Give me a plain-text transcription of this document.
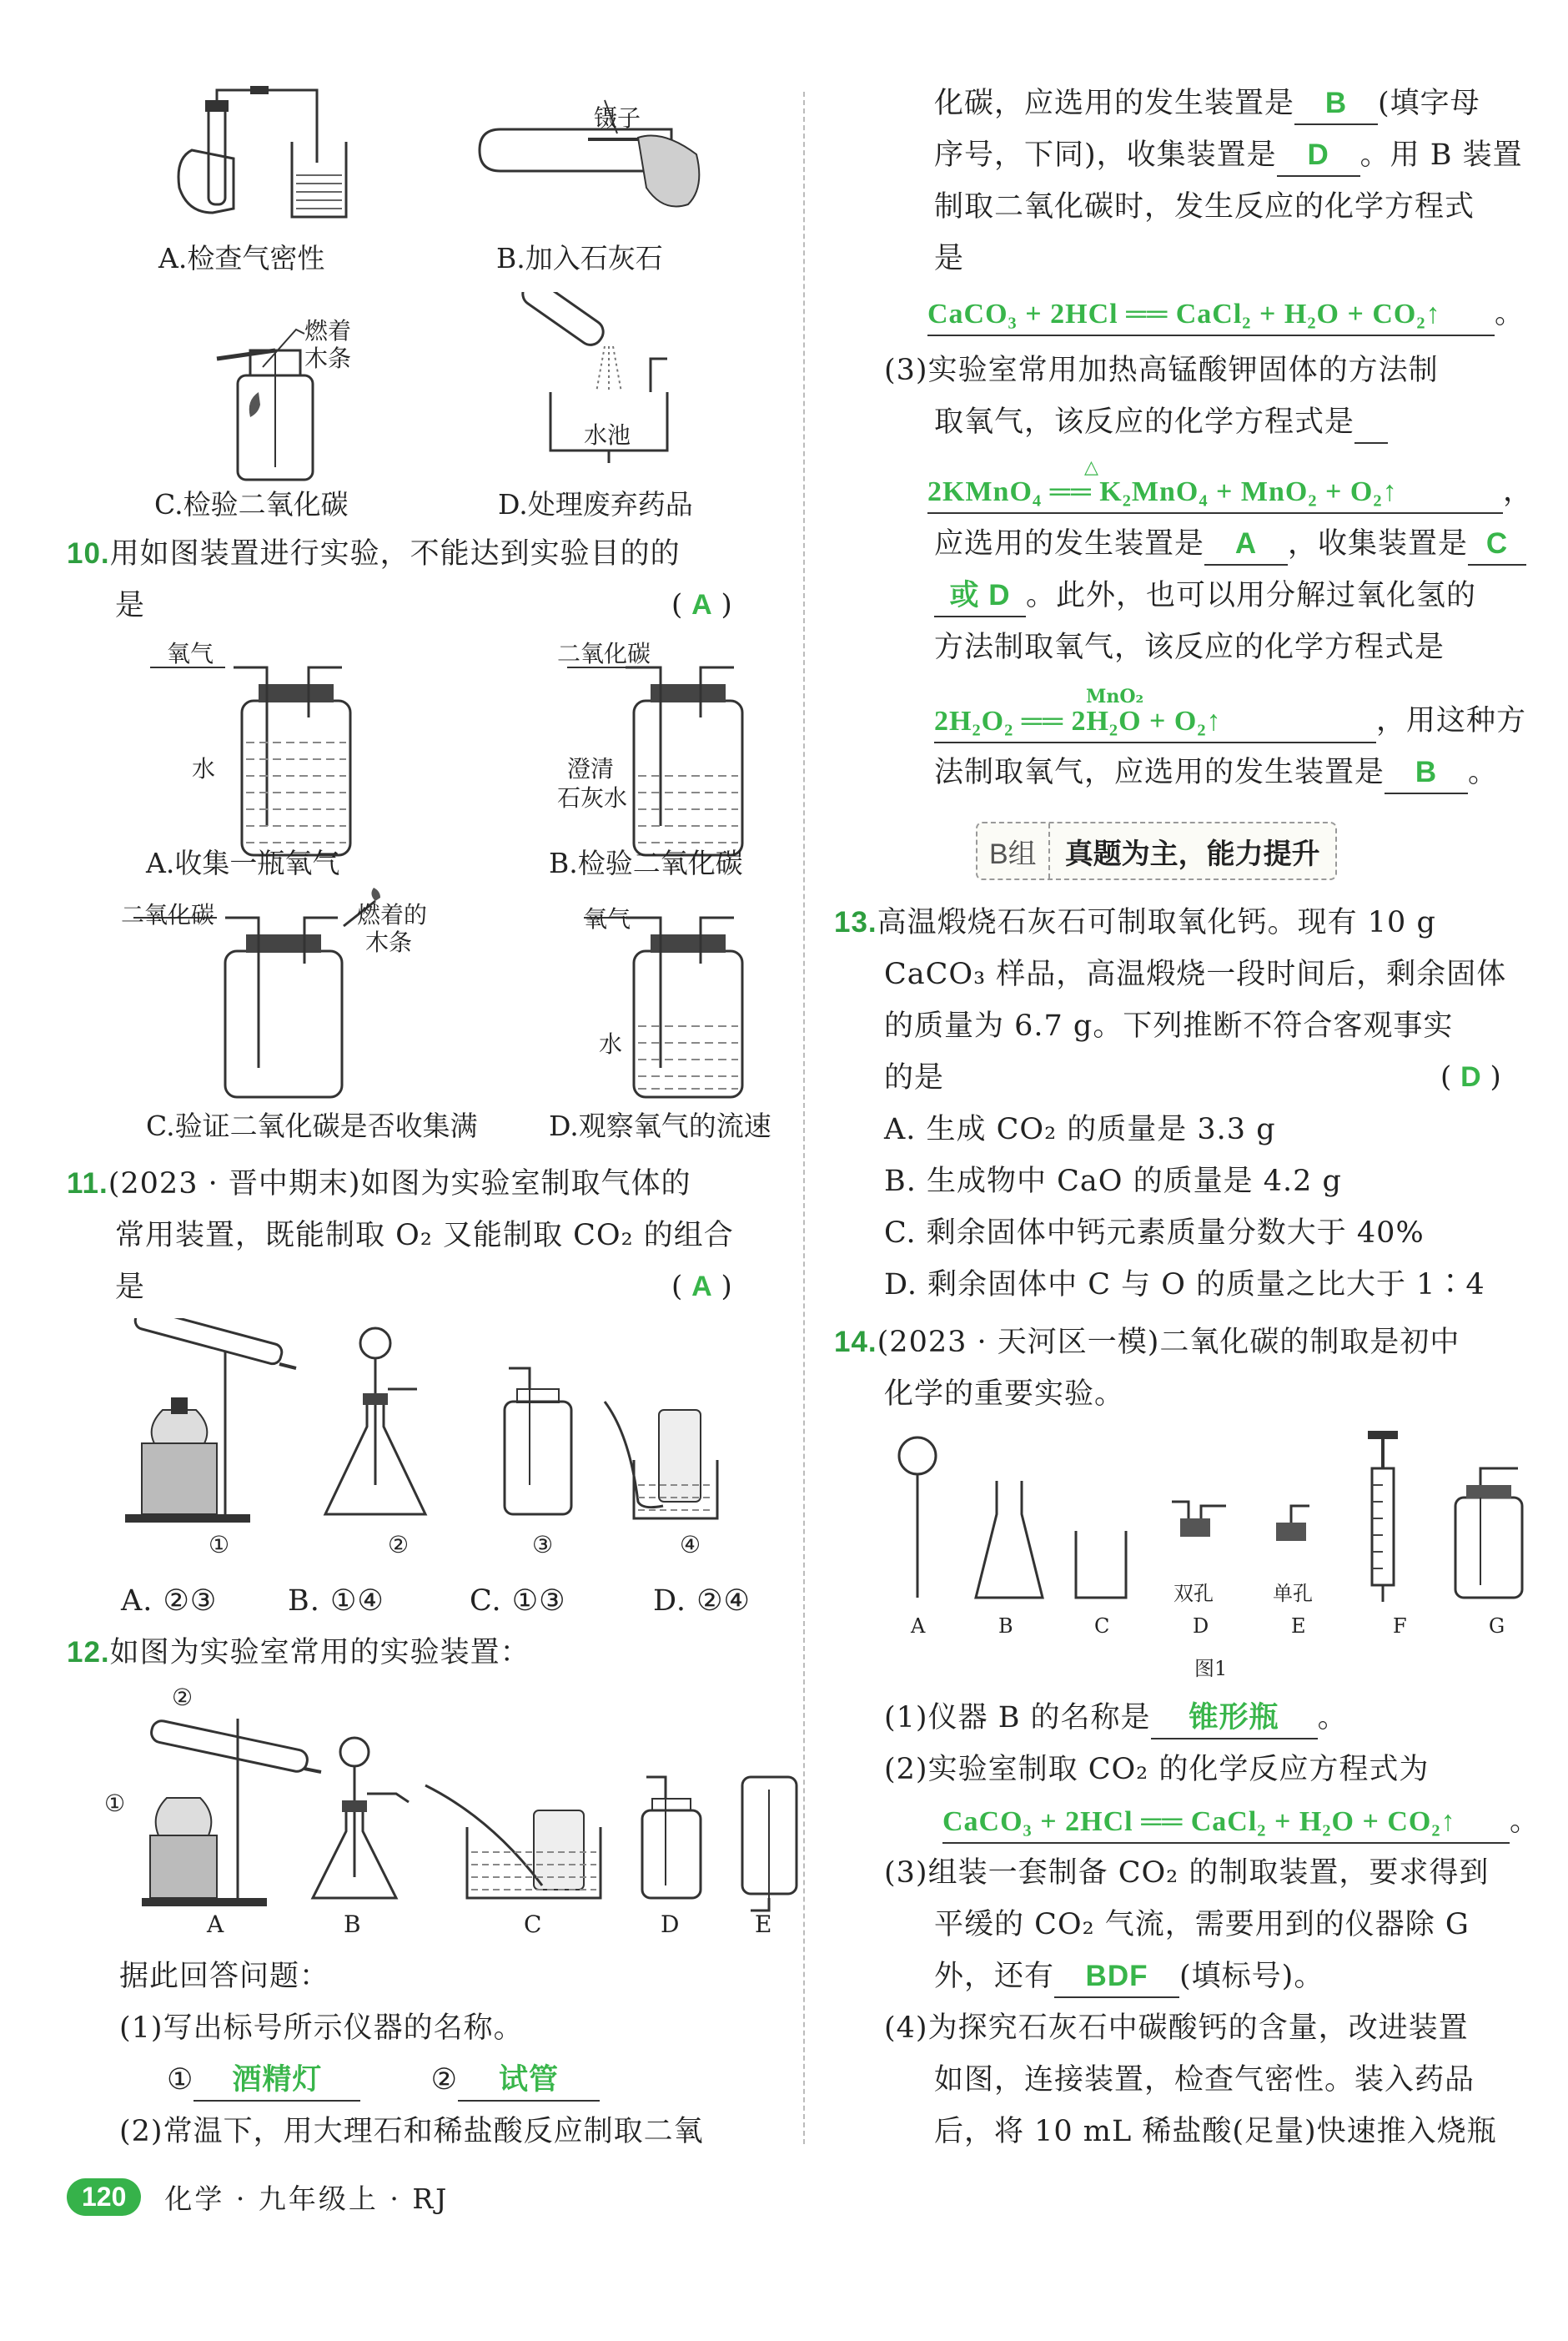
A.检查气密性
镊子
B.加入石灰石
燃着
木条
C.检验二氧化碳
水池
D.处理废弃药品
10.用如图装置进行实验，不能达到实验目的的
是	( A )
氧气
水
二氧化碳
澄清
石灰水
A.收集一瓶氧气	B.检验二氧化碳
二氧化碳	燃着的
木条
氧气
水
C.验证二氧化碳是否收集满	D.观察氧气的流速
11.(2023 · 晋中期末)如图为实验室制取气体的
常用装置，既能制取 O₂ 又能制取 CO₂ 的组合
是	( A )
①	②	③	④
A. ②③ B. ①④	C. ①③	D. ②④
12.如图为实验室常用的实验装置：
①
②
A	B	C	D	E
据此回答问题：
(1)写出标号所示仪器的名称。
① 酒精灯	② 试管
(2)常温下，用大理石和稀盐酸反应制取二氧
化碳，应选用的发生装置是 B (填字母
序号，下同)，收集装置是 D 。用 B 装置
制取二氧化碳时，发生反应的化学方程式
是
CaCO₃ + 2HCl ══ CaCl₂ + H₂O + CO₂↑ 。
(3)实验室常用加热高锰酸钾固体的方法制
取氧气，该反应的化学方程式是
△
2KMnO₄ ══ K₂MnO₄ + MnO₂ + O₂↑	，
应选用的发生装置是 A ，收集装置是 C
或 D 。此外，也可以用分解过氧化氢的
方法制取氧气，该反应的化学方程式是
MnO₂
2H₂O₂ ══ 2H₂O + O₂↑	，用这种方
法制取氧气，应选用的发生装置是 B 。
B组	真题为主，能力提升
13.高温煅烧石灰石可制取氧化钙。现有 10 g
CaCO₃ 样品，高温煅烧一段时间后，剩余固体
的质量为 6.7 g。下列推断不符合客观事实
的是	( D )
A. 生成 CO₂ 的质量是 3.3 g
B. 生成物中 CaO 的质量是 4.2 g
C. 剩余固体中钙元素质量分数大于 40%
D. 剩余固体中 C 与 O 的质量之比大于 1∶4
14.(2023 · 天河区一模)二氧化碳的制取是初中
化学的重要实验。
双孔	单孔
A	B	C	D	E	F	G
图1
(1)仪器 B 的名称是 锥形瓶 。
(2)实验室制取 CO₂ 的化学反应方程式为
CaCO₃ + 2HCl ══ CaCl₂ + H₂O + CO₂↑ 。
(3)组装一套制备 CO₂ 的制取装置，要求得到
平缓的 CO₂ 气流，需要用到的仪器除 G
外，还有 BDF (填标号)。
(4)为探究石灰石中碳酸钙的含量，改进装置
如图，连接装置，检查气密性。装入药品
后，将 10 mL 稀盐酸(足量)快速推入烧瓶
120	化学 · 九年级上 · RJ
